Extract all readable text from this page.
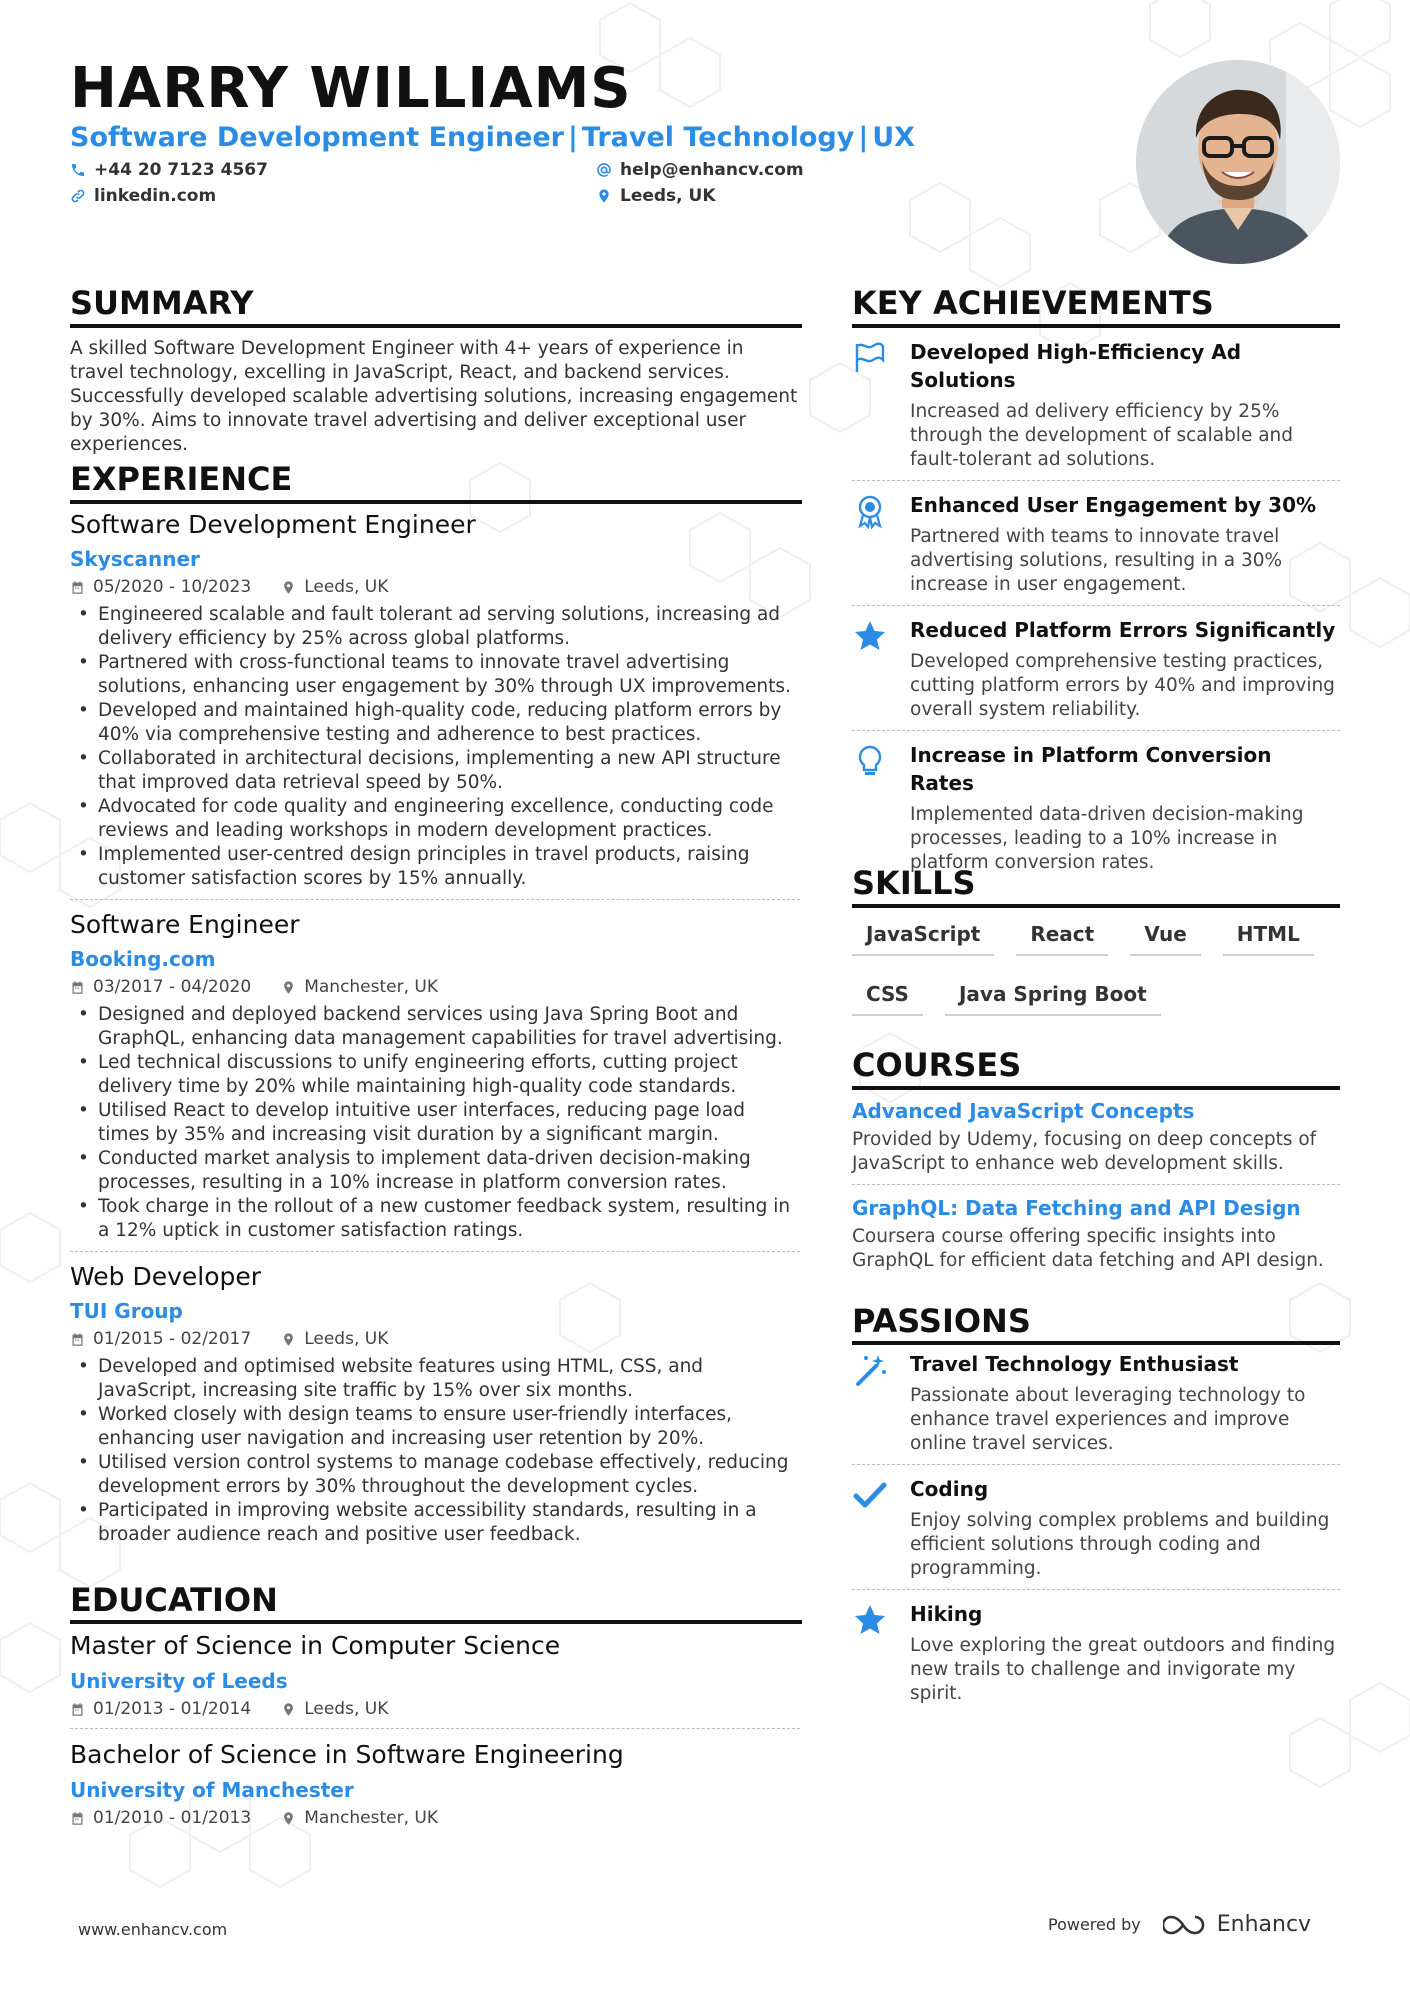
HARRY WILLIAMS
Software Development Engineer | Travel Technology | UX
+44 20 7123 4567
linkedin.com
help@enhancv.com
Leeds, UK
SUMMARY

A skilled Software Development Engineer with 4+ years of experience in travel technology, excelling in JavaScript, React, and backend services. Successfully developed scalable advertising solutions, increasing engagement by 30%. Aims to innovate travel advertising and deliver exceptional user experiences.

EXPERIENCE
Software Development Engineer
Skyscanner
05/2020 - 10/2023	Leeds, UK
• Engineered scalable and fault tolerant ad serving solutions, increasing ad delivery efficiency by 25% across global platforms.
• Partnered with cross-functional teams to innovate travel advertising solutions, enhancing user engagement by 30% through UX improvements.
• Developed and maintained high-quality code, reducing platform errors by 40% via comprehensive testing and adherence to best practices.
• Collaborated in architectural decisions, implementing a new API structure that improved data retrieval speed by 50%.
• Advocated for code quality and engineering excellence, conducting code reviews and leading workshops in modern development practices.
• Implemented user-centred design principles in travel products, raising customer satisfaction scores by 15% annually.
Software Engineer
Booking.com
03/2017 - 04/2020	Manchester, UK
• Designed and deployed backend services using Java Spring Boot and GraphQL, enhancing data management capabilities for travel advertising.
• Led technical discussions to unify engineering efforts, cutting project delivery time by 20% while maintaining high-quality code standards.
• Utilised React to develop intuitive user interfaces, reducing page load times by 35% and increasing visit duration by a significant margin.
• Conducted market analysis to implement data-driven decision-making processes, resulting in a 10% increase in platform conversion rates.
• Took charge in the rollout of a new customer feedback system, resulting in a 12% uptick in customer satisfaction ratings.
Web Developer
TUI Group
01/2015 - 02/2017	Leeds, UK
• Developed and optimised website features using HTML, CSS, and JavaScript, increasing site traffic by 15% over six months.
• Worked closely with design teams to ensure user-friendly interfaces, enhancing user navigation and increasing user retention by 20%.
• Utilised version control systems to manage codebase effectively, reducing development errors by 30% throughout the development cycles.
• Participated in improving website accessibility standards, resulting in a broader audience reach and positive user feedback.
EDUCATION
Master of Science in Computer Science
University of Leeds
01/2013 - 01/2014	Leeds, UK
Bachelor of Science in Software Engineering
University of Manchester
01/2010 - 01/2013	Manchester, UK
KEY ACHIEVEMENTS
Developed High-Efficiency Ad Solutions
Increased ad delivery efficiency by 25% through the development of scalable and fault-tolerant ad solutions.
Enhanced User Engagement by 30%
Partnered with teams to innovate travel advertising solutions, resulting in a 30% increase in user engagement.
Reduced Platform Errors Significantly
Developed comprehensive testing practices, cutting platform errors by 40% and improving overall system reliability.
Increase in Platform Conversion Rates
Implemented data-driven decision-making processes, leading to a 10% increase in platform conversion rates.
SKILLS
JavaScript	React	Vue	HTML
CSS	Java Spring Boot
COURSES
Advanced JavaScript Concepts
Provided by Udemy, focusing on deep concepts of JavaScript to enhance web development skills.
GraphQL: Data Fetching and API Design
Coursera course offering specific insights into GraphQL for efficient data fetching and API design.
PASSIONS
Travel Technology Enthusiast
Passionate about leveraging technology to enhance travel experiences and improve online travel services.
Coding
Enjoy solving complex problems and building efficient solutions through coding and programming.
Hiking
Love exploring the great outdoors and finding new trails to challenge and invigorate my spirit.
www.enhancv.com	Powered by	Enhancv
